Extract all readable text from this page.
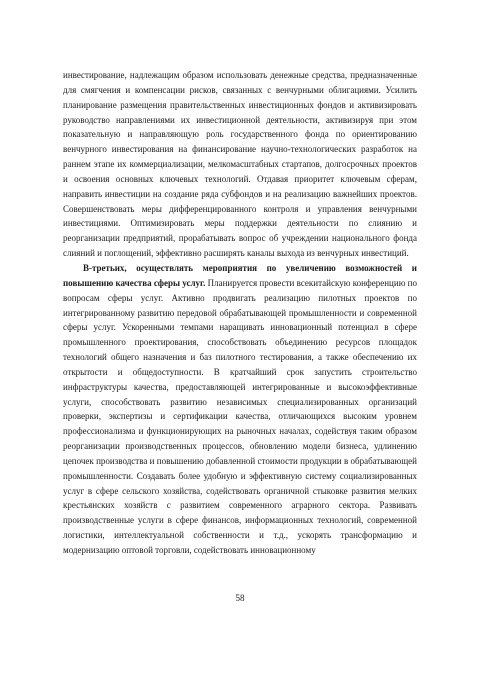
инвестирование, надлежащим образом использовать денежные средства, предназначенные для смягчения и компенсации рисков, связанных с венчурными облигациями. Усилить планирование размещения правительственных инвестиционных фондов и активизировать руководство направлениями их инвестиционной деятельности, активизируя при этом показательную и направляющую роль государственного фонда по ориентированию венчурного инвестирования на финансирование научно-технологических разработок на раннем этапе их коммерциализации, мелкомасштабных стартапов, долгосрочных проектов и освоения основных ключевых технологий. Отдавая приоритет ключевым сферам, направить инвестиции на создание ряда субфондов и на реализацию важнейших проектов. Совершенствовать меры дифференцированного контроля и управления венчурными инвестициями. Оптимизировать меры поддержки деятельности по слиянию и реорганизации предприятий, прорабатывать вопрос об учреждении национального фонда слияний и поглощений, эффективно расширять каналы выхода из венчурных инвестиций.

В-третьих, осуществлять мероприятия по увеличению возможностей и повышению качества сферы услуг. Планируется провести всекитайскую конференцию по вопросам сферы услуг. Активно продвигать реализацию пилотных проектов по интегрированному развитию передовой обрабатывающей промышленности и современной сферы услуг. Ускоренными темпами наращивать инновационный потенциал в сфере промышленного проектирования, способствовать объединению ресурсов площадок технологий общего назначения и баз пилотного тестирования, а также обеспечению их открытости и общедоступности. В кратчайший срок запустить строительство инфраструктуры качества, предоставляющей интегрированные и высокоэффективные услуги, способствовать развитию независимых специализированных организаций проверки, экспертизы и сертификации качества, отличающихся высоким уровнем профессионализма и функционирующих на рыночных началах, содействуя таким образом реорганизации производственных процессов, обновлению модели бизнеса, удлинению цепочек производства и повышению добавленной стоимости продукции в обрабатывающей промышленности. Создавать более удобную и эффективную систему социализированных услуг в сфере сельского хозяйства, содействовать органичной стыковке развития мелких крестьянских хозяйств с развитием современного аграрного сектора. Развивать производственные услуги в сфере финансов, информационных технологий, современной логистики, интеллектуальной собственности и т.д., ускорять трансформацию и модернизацию оптовой торговли, содействовать инновационному

58
